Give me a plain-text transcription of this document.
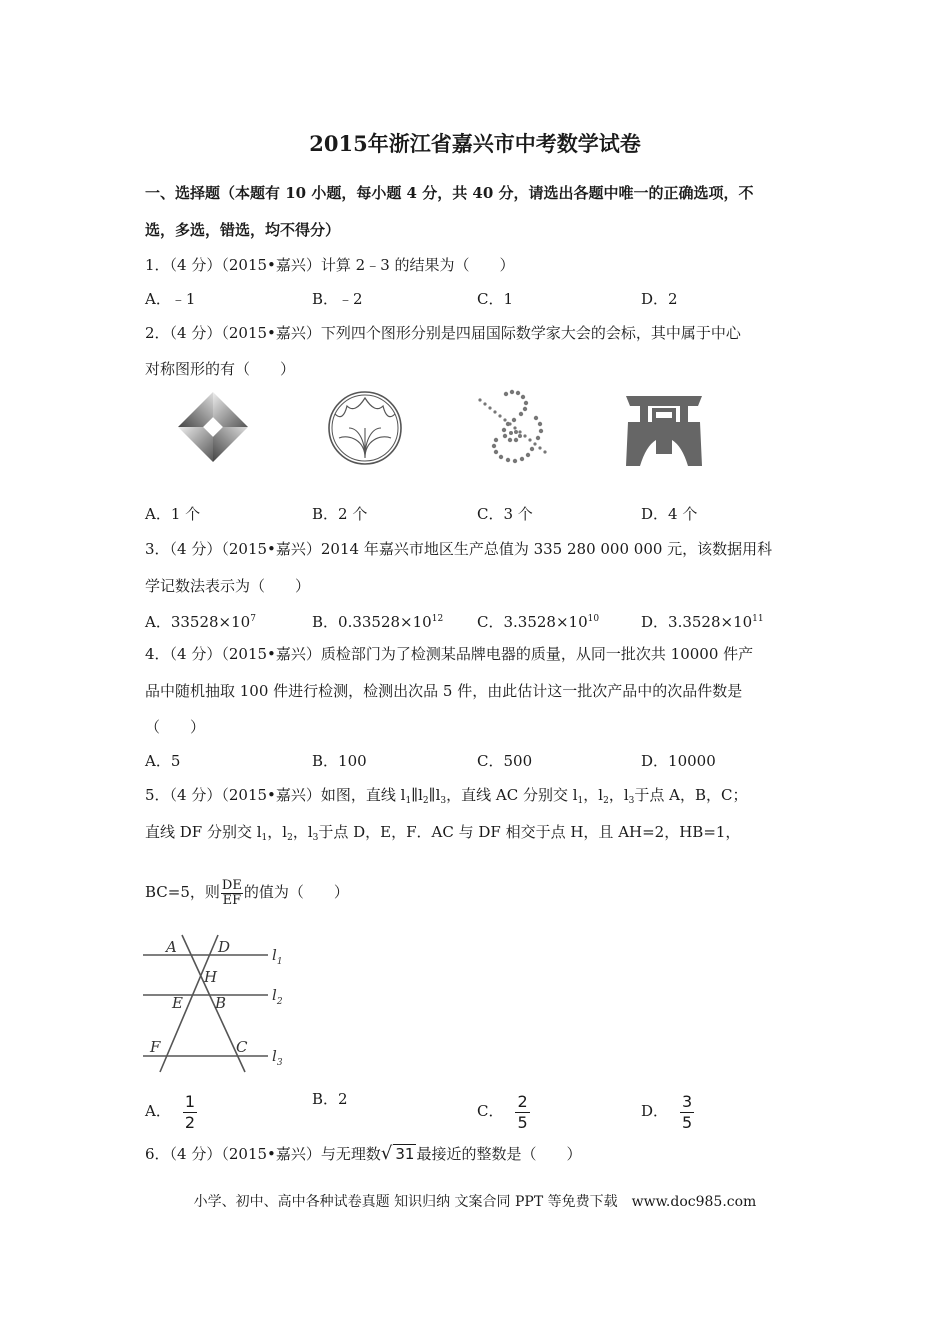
2015年浙江省嘉兴市中考数学试卷
一、选择题（本题有 10 小题，每小题 4 分，共 40 分，请选出各题中唯一的正确选项，不
选，多选，错选，均不得分）
1．（4 分）（2015•嘉兴）计算 2﹣3 的结果为（　　）
A．﹣1	B．﹣2	C．1	D．2
2．（4 分）（2015•嘉兴）下列四个图形分别是四届国际数学家大会的会标，其中属于中心
对称图形的有（　　）
A．1 个	B．2 个	C．3 个	D．4 个
3．（4 分）（2015•嘉兴）2014 年嘉兴市地区生产总值为 335 280 000 000 元，该数据用科
学记数法表示为（　　）
A．$33528\times 10^7$	B．$0.33528\times 10^{12}$ C．$3.3528\times 10^{10}$	D．$3.3528\times 10^{11}$
4．（4 分）（2015•嘉兴）质检部门为了检测某品牌电器的质量，从同一批次共 10000 件产
品中随机抽取 100 件进行检测，检测出次品 5 件，由此估计这一批次产品中的次品件数是
（　　）
A．5	B．100	C．500	D．10000
5．（4 分）（2015•嘉兴）如图，直线 $l_1\parallel l_2\parallel l_3$，直线 AC 分别交 $l_1$，$l_2$，$l_3$于点 A，B，C；
直线 DF 分别交 $l_1$，$l_2$，$l_3$于点 D，E，F．AC 与 DF 相交于点 H，且 AH=2，HB=1，
BC=5，则 $\frac{DE}{EF}$ 的值为（　　）
A	D
H
E B
F	C
$l_1$
$l_2$
$l_3$
A． $\frac{1}{2}$	B．2
C． $\frac{2}{5}$	D． $\frac{3}{5}$
6．（4 分）（2015•嘉兴）与无理数√ 31 最接近的整数是（　　）
小学、初中、高中各种试卷真题 知识归纳 文案合同 PPT 等免费下载　www.doc985.com
